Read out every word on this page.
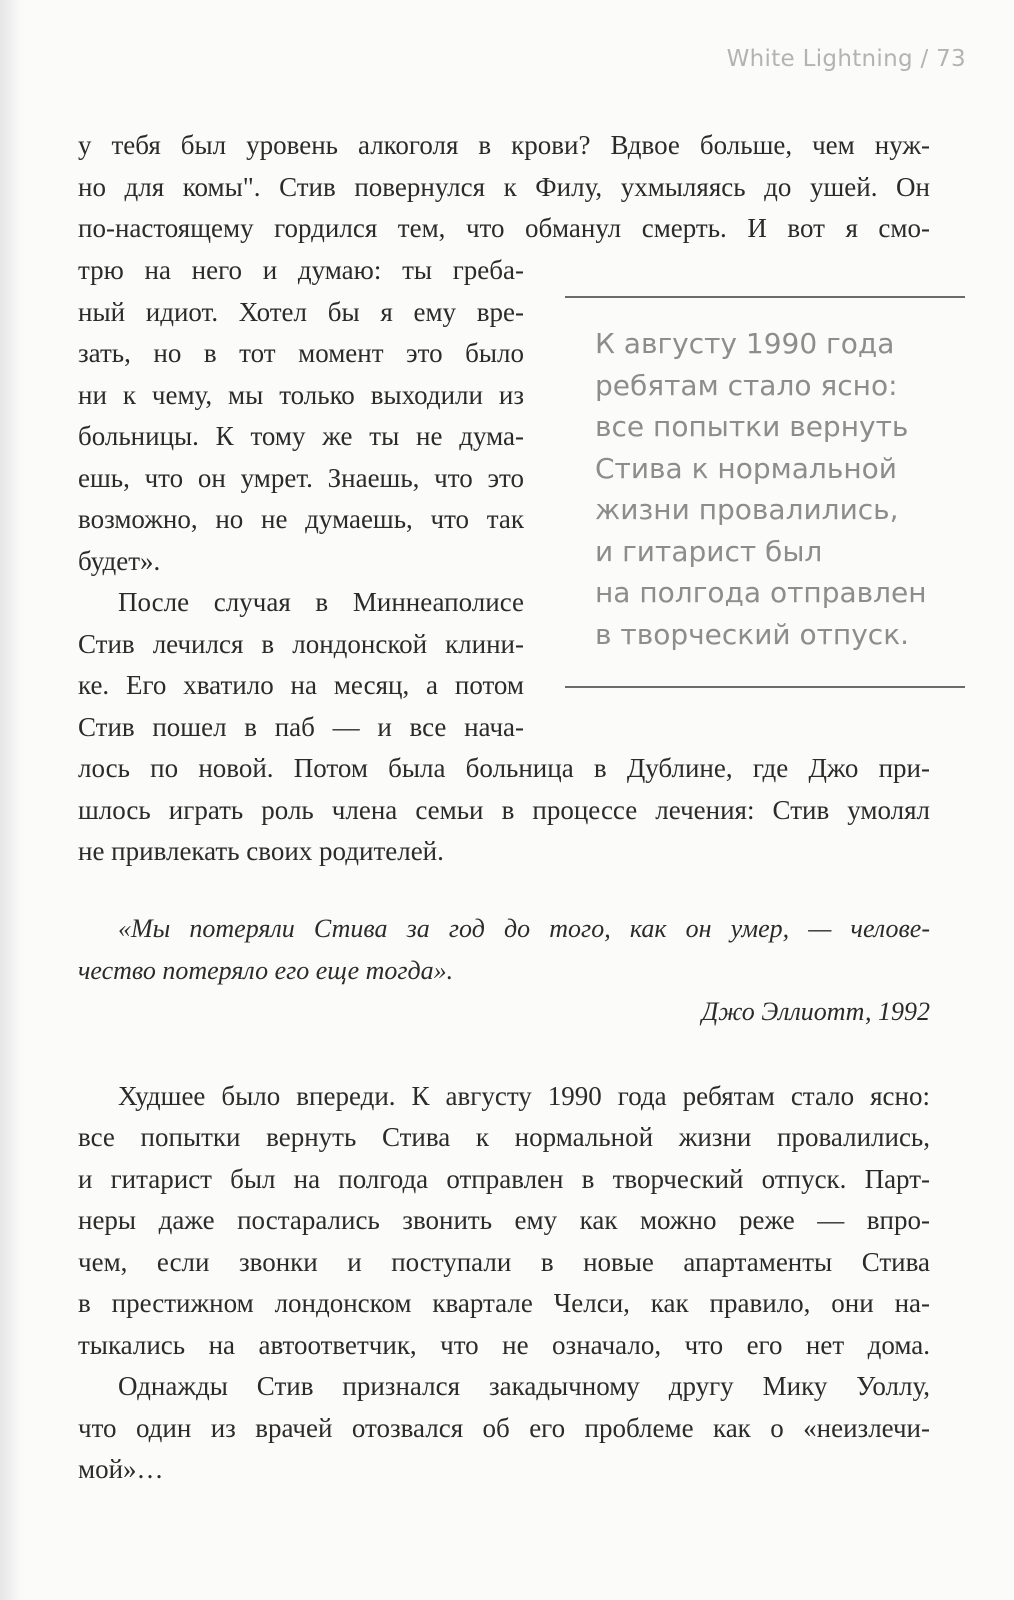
White Lightning / 73
у тебя был уровень алкоголя в крови? Вдвое больше, чем нуж-
но для комы". Стив повернулся к Филу, ухмыляясь до ушей. Он
по-настоящему гордился тем, что обманул смерть. И вот я смо-
трю на него и думаю: ты греба-
ный идиот. Хотел бы я ему вре-
зать, но в тот момент это было
ни к чему, мы только выходили из
больницы. К тому же ты не дума-
ешь, что он умрет. Знаешь, что это
возможно, но не думаешь, что так
будет».
После случая в Миннеаполисе
Стив лечился в лондонской клини-
ке. Его хватило на месяц, а потом
Стив пошел в паб — и все нача-
лось по новой. Потом была больница в Дублине, где Джо при-
шлось играть роль члена семьи в процессе лечения: Стив умолял
не привлекать своих родителей.
Худшее было впереди. К августу 1990 года ребятам стало ясно:
все попытки вернуть Стива к нормальной жизни провалились,
и гитарист был на полгода отправлен в творческий отпуск. Парт-
неры даже постарались звонить ему как можно реже — впро-
чем, если звонки и поступали в новые апартаменты Стива
в престижном лондонском квартале Челси, как правило, они на-
тыкались на автоответчик, что не означало, что его нет дома.
Однажды Стив признался закадычному другу Мику Уоллу,
что один из врачей отозвался об его проблеме как о «неизлечи-
мой»…
К августу 1990 года
ребятам стало ясно:
все попытки вернуть
Стива к нормальной
жизни провалились,
и гитарист был
на полгода отправлен
в творческий отпуск.
«Мы потеряли Стива за год до того, как он умер, — челове-
чество потеряло его еще тогда».
Джо Эллиотт, 1992
